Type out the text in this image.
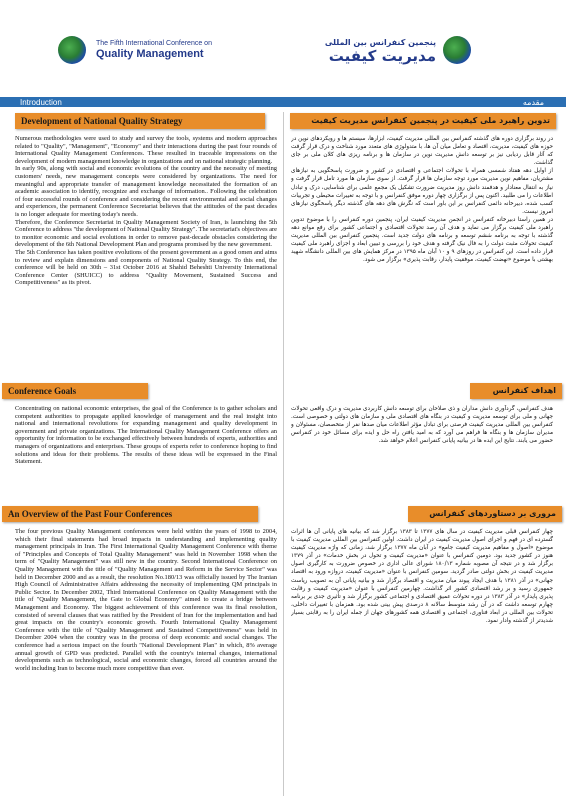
The Fifth International Conference on
Quality Management
پنجمین کنفرانس بین المللی
مدیریت کیفیت
Introduction	مقدمه
Development of National Quality Strategy

Numerous methodologies were used to study and survey the tools, systems and modern approaches related to "Quality", "Management", "Economy" and their interactions during the past four rounds of International Quality Management Conferences. These resulted in traceable impressions on the development of modern management knowledge in organizations and on national strategic planning.

In early 90s, along with social and economic evolutions of the country and the necessity of meeting customers' needs, new management concepts were considered by organizations. The need for meaningful and appropriate transfer of management knowledge necessitated the formation of an academic association to identify, recognize and exchange of information.. Following the celebration of four successful rounds of conference and considering the recent environmental and social changes and experiences, the permanent Conference Secretariat believes that the attitudes of the past decades is no longer adequate for meeting today's needs.

Therefore, the Conference Secretariat in Quality Management Society of Iran, is launching the 5th Conference to address "the development of National Quality Strategy". The secretariat's objectives are to monitor economic and social evolutions in order to remove past-decade obstacles considering the development of the 6th National Development Plan and programs promised by the new government.

The 5th Conference has taken positive evolutions of the present government as a good omen and aims to review and explain dimensions and components of National Quality Strategy. To this end, the conference will be held on 30th – 31st October 2016 at Shahid Beheshti University International Conference Center (SHUICC) to address "Quality Movement, Sustained Success and Competitiveness" as its pivot.

Conference Goals

Concentrating on national economic enterprises, the goal of the Conference is to gather scholars and competent authorities to propagate applied knowledge of management and the real insight into national and international revolutions for expanding management and quality development in government and private organizations. The International Quality Management Conference offers an opportunity for information to be exchanged effectively between hundreds of experts, authorities and managers of organizations and enterprises. These groups of experts refer to conference hoping to find solutions and ideas for their problems. The results of these ideas will be expressed in the Final Statement.

An Overview of the Past Four Conferences

The four previous Quality Management conferences were held within the years of 1998 to 2004, which their final statements had broad impacts in understanding and implementing quality management principals in Iran. The First International Quality Management Conference with theme of "Principles and Concepts of Total Quality Management" was held in November 1998 when the term of "Quality Management" was still new in the country. Second International Conference on Quality Management with the title of "Quality Management and Reform in the Service Sector" was held in December 2000 and as a result, the resolution No.180/13 was officially issued by The Iranian High Council of Administrative Affairs addressing the necessity of implementing QM principals in Public Sector. In December 2002, Third International Conference on Quality Management with the title of "Quality Management, the Gate to Global Economy" aimed to create a bridge between Management and Economy. The biggest achievement of this conference was its final resolution, consisted of several clauses that was ratified by the President of Iran for the implementation and had great impacts on the country's economic growth. Fourth International Quality Management Conference with the title of "Quality Management and Sustained Competitiveness" was held in December 2004 when the country was in the process of deep economic and social changes. The conference had a serious impact on the fourth "National Development Plan" in which, 8% average annual growth of GPD was predicted. Parallel with the country's internal changes, international developments such as technological, social and economic changes, forced all countries around the world including Iran to become much more competitive than ever.

تدوین راهبرد ملی کیفیت در پنجمین کنفرانس مدیریت کیفیت

در روند برگزاری دوره های گذشته کنفرانس بین المللی مدیریت کیفیت، ابزارها، سیستم ها و رویکردهای نوین در حوزه های کیفیت، مدیریت، اقتصاد و تعامل میان آن ها، با متدولوژی های متعدد مورد شناخت و درک قرار گرفت که آثار قابل ردیابی نیز بر توسعه دانش مدیریت نوین در سازمان ها و برنامه ریزی های کلان ملی بر جای گذاشت.

از اوایل دهه هفتاد شمسی همراه با تحولات اجتماعی و اقتصادی در کشور و ضرورت پاسخگویی به نیازهای مشتریان، مفاهیم نوین مدیریت مورد توجه سازمان ها قرار گرفت. از سوی سازمان ها مورد تامل قرار گرفت و نیاز به انتقال معنادار و هدفمند دانش روز مدیریت ضرورت تشکیل یک مجمع علمی برای شناسایی، درک و تبادل اطلاعات را می طلبید. اکنون پس از برگزاری چهار دوره موفق کنفرانس و با توجه به تغییرات محیطی و تجربیات کسب شده، دبیرخانه دائمی کنفرانس بر این باور است که نگرش های دهه های گذشته دیگر پاسخگوی نیازهای امروز نیست.

در همین راستا دبیرخانه کنفرانس در انجمن مدیریت کیفیت ایران، پنجمین دوره کنفرانس را با موضوع تدوین راهبرد ملی کیفیت برگزار می نماید و هدف آن رصد تحولات اقتصادی و اجتماعی کشور برای رفع موانع دهه گذشته با توجه به برنامه ششم توسعه و برنامه های دولت جدید است. پنجمین کنفرانس بین المللی مدیریت کیفیت تحولات مثبت دولت را به فال نیک گرفته و هدف خود را بررسی و تبیین ابعاد و اجزای راهبرد ملی کیفیت قرار داده است. این کنفرانس در روزهای ۹ و ۱۰ آبان ماه ۱۳۹۵ در مرکز همایش های بین المللی دانشگاه شهید بهشتی با موضوع «نهضت کیفیت، موفقیت پایدار، رقابت پذیری» برگزار می شود.

اهداف کنفرانس

هدف کنفرانس، گردآوری دانش مداران و ذی صلاحان برای توسعه دانش کاربردی مدیریت و درک واقعی تحولات جهانی و ملی برای توسعه مدیریت و کیفیت در بنگاه های اقتصادی ملی و سازمان های دولتی و خصوصی است. کنفرانس بین المللی مدیریت کیفیت فرصتی برای تبادل مؤثر اطلاعات میان صدها نفر از متخصصان، مسئولان و مدیران سازمان ها و بنگاه ها فراهم می آورد که به امید یافتن راه حل و ایده برای مسائل خود در کنفرانس حضور می یابند. نتایج این ایده ها در بیانیه پایانی کنفرانس اعلام خواهد شد.

مروری بر دستاوردهای کنفرانس

چهار کنفرانس قبلی مدیریت کیفیت در سال های ۱۳۷۷ تا ۱۳۸۳ برگزار شد که بیانیه های پایانی آن ها اثرات گسترده ای در فهم و اجرای اصول مدیریت کیفیت در ایران داشت. اولین کنفرانس بین المللی مدیریت کیفیت با موضوع «اصول و مفاهیم مدیریت کیفیت جامع» در آبان ماه ۱۳۷۷ برگزار شد، زمانی که واژه مدیریت کیفیت هنوز در کشور جدید بود. دومین کنفرانس با عنوان «مدیریت کیفیت و تحول در بخش خدمات» در آذر ۱۳۷۹ برگزار شد و در نتیجه آن مصوبه شماره ۱۸۰/۱۳ شورای عالی اداری در خصوص ضرورت به کارگیری اصول مدیریت کیفیت در بخش دولتی صادر گردید. سومین کنفرانس با عنوان «مدیریت کیفیت، دروازه ورود به اقتصاد جهانی» در آذر ۱۳۸۱ با هدف ایجاد پیوند میان مدیریت و اقتصاد برگزار شد و بیانیه پایانی آن به تصویب ریاست جمهوری رسید و بر رشد اقتصادی کشور اثر گذاشت. چهارمین کنفرانس با عنوان «مدیریت کیفیت و رقابت پذیری پایدار» در آذر ۱۳۸۳ در دوره تحولات عمیق اقتصادی و اجتماعی کشور برگزار شد و تأثیری جدی بر برنامه چهارم توسعه داشت که در آن رشد متوسط سالانه ۸ درصدی پیش بینی شده بود. همزمان با تغییرات داخلی، تحولات بین المللی در ابعاد فناوری، اجتماعی و اقتصادی همه کشورهای جهان از جمله ایران را به رقابتی بسیار شدیدتر از گذشته وادار نمود.
